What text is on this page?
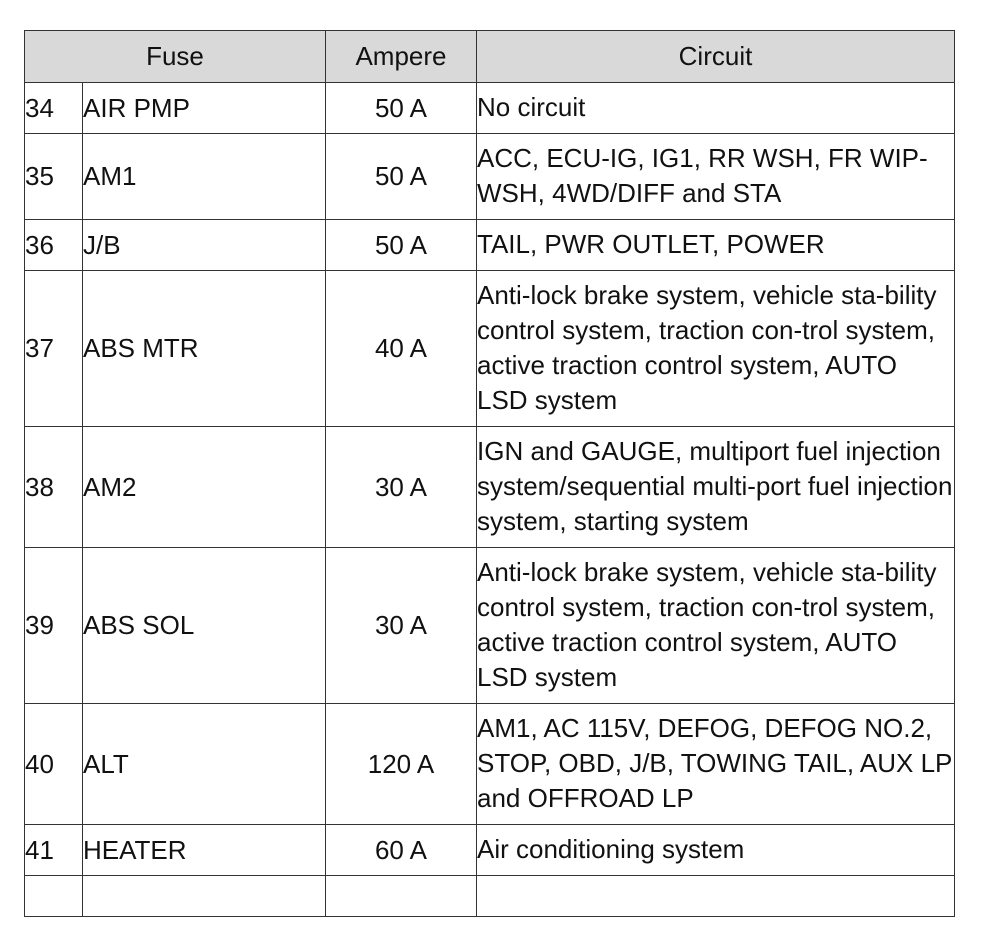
Fuse		Ampere	Circuit
34	AIR PMP	50 A	No circuit

35	AM1	50 A	ACC, ECU-IG, IG1, RR WSH, FR WIP-WSH, 4WD/DIFF and STA

36	J/B	50 A	TAIL, PWR OUTLET, POWER

37	ABS MTR	40 A	Anti-lock brake system, vehicle sta-bility control system, traction con-trol system, active traction control system, AUTO LSD system

38	AM2	30 A	IGN and GAUGE, multiport fuel injection system/sequential multi-port fuel injection system, starting system

39	ABS SOL	30 A	Anti-lock brake system, vehicle sta-bility control system, traction con-trol system, active traction control system, AUTO LSD system

40	ALT	120 A	AM1, AC 115V, DEFOG, DEFOG NO.2, STOP, OBD, J/B, TOWING TAIL, AUX LP and OFFROAD LP

41	HEATER	60 A	Air conditioning system
